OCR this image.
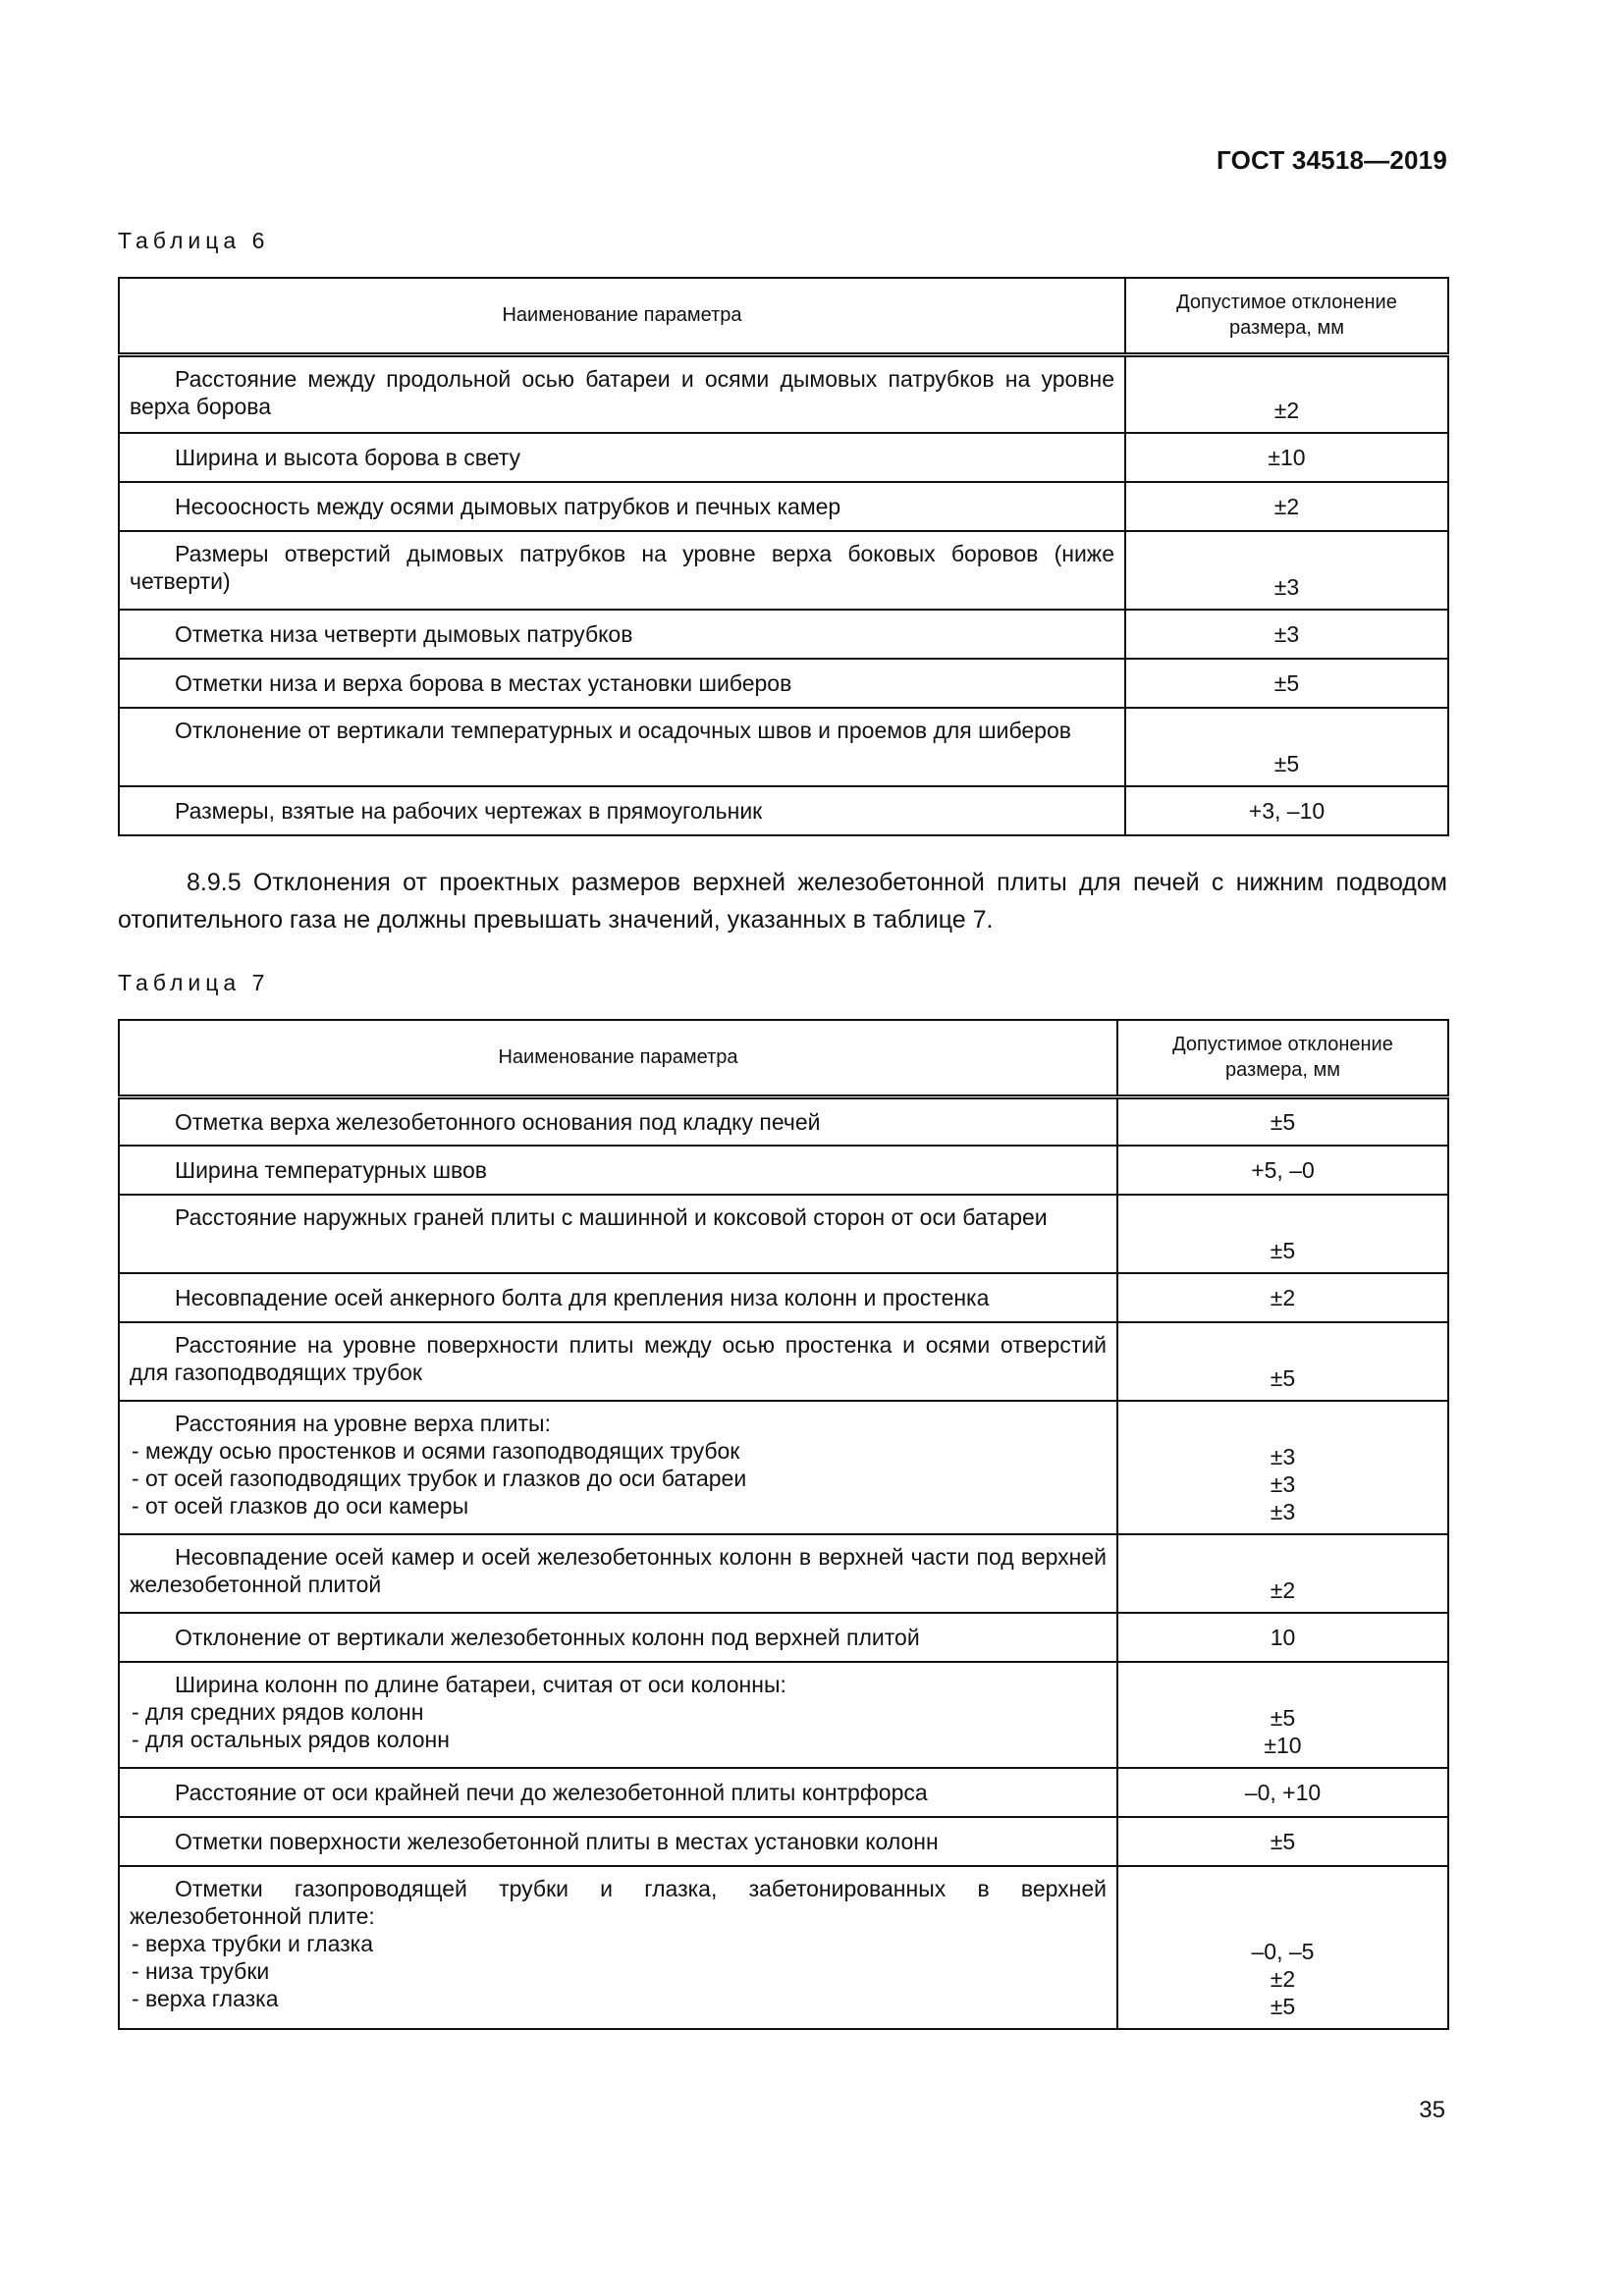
ГОСТ 34518—2019
Таблица 6
Наименование параметра	Допустимое отклонение
размера, мм
Расстояние между продольной осью батареи и осями дымовых патрубков на уровне верха борова	±2
Ширина и высота борова в свету	±10
Несоосность между осями дымовых патрубков и печных камер	±2
Размеры отверстий дымовых патрубков на уровне верха боковых боровов (ниже четверти)	±3
Отметка низа четверти дымовых патрубков	±3
Отметки низа и верха борова в местах установки шиберов	±5
Отклонение от вертикали температурных и осадочных швов и проемов для шиберов	±5
Размеры, взятые на рабочих чертежах в прямоугольник	+3, –10
8.9.5 Отклонения от проектных размеров верхней железобетонной плиты для печей с нижним подводом отопительного газа не должны превышать значений, указанных в таблице 7.
Таблица 7
Наименование параметра	Допустимое отклонение
размера, мм
Отметка верха железобетонного основания под кладку печей	±5
Ширина температурных швов	+5, –0
Расстояние наружных граней плиты с машинной и коксовой сторон от оси батареи	±5
Несовпадение осей анкерного болта для крепления низа колонн и простенка	±2
Расстояние на уровне поверхности плиты между осью простенка и осями отверстий для газоподводящих трубок	±5
Расстояния на уровне верха плиты:
- между осью простенков и осями газоподводящих трубок
- от осей газоподводящих трубок и глазков до оси батареи
- от осей глазков до оси камеры	±3
±3
±3

Несовпадение осей камер и осей железобетонных колонн в верхней части под верхней железобетонной плитой	±2
Отклонение от вертикали железобетонных колонн под верхней плитой	10
Ширина колонн по длине батареи, считая от оси колонны:
- для средних рядов колонн
- для остальных рядов колонн	±5
±10

Расстояние от оси крайней печи до железобетонной плиты контрфорса	–0, +10
Отметки поверхности железобетонной плиты в местах установки колонн	±5
Отметки газопроводящей трубки и глазка, забетонированных в верхней железобетонной плите:
- верха трубки и глазка
- низа трубки
- верха глазка	–0, –5
±2
±5
35
